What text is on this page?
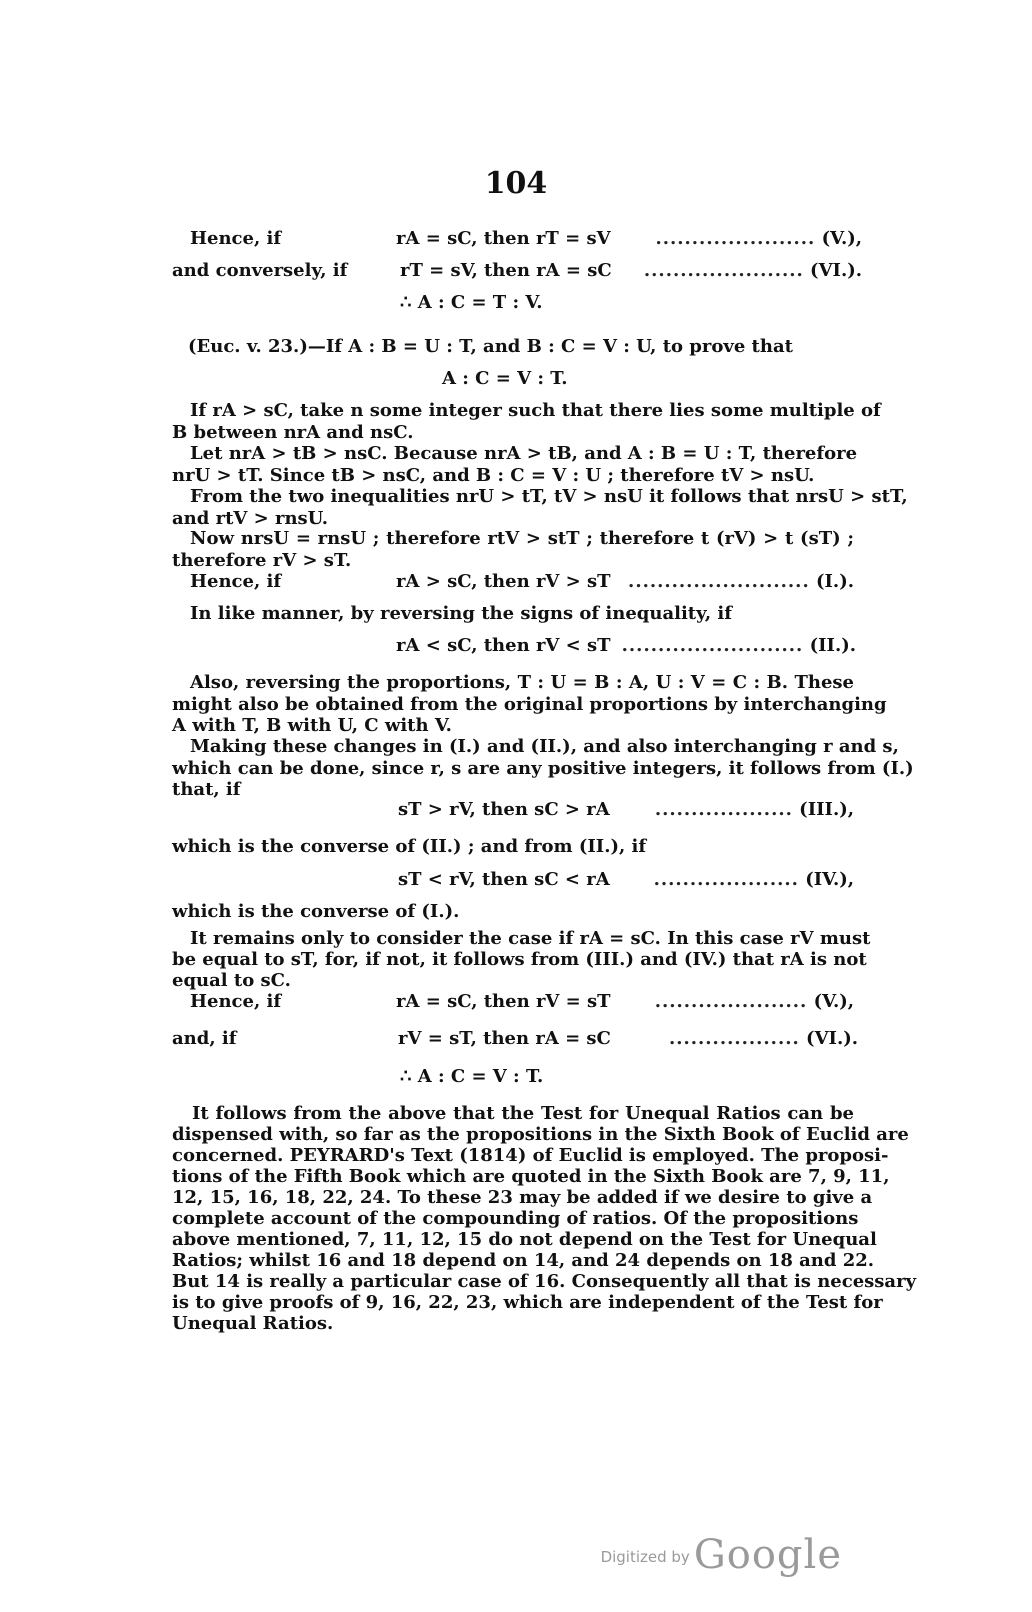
104
Hence, if	rA = sC, then rT = sV ...................... (V.),
and conversely, if	rT = sV, then rA = sC ...................... (VI.).
∴ A : C = T : V.
(Euc. v. 23.)—If A : B = U : T, and B : C = V : U, to prove that
A : C = V : T.
If rA > sC, take n some integer such that there lies some multiple of
B between nrA and nsC.
Let nrA > tB > nsC. Because nrA > tB, and A : B = U : T, therefore
nrU > tT. Since tB > nsC, and B : C = V : U ; therefore tV > nsU.
From the two inequalities nrU > tT, tV > nsU it follows that nrsU > stT,
and rtV > rnsU.
Now nrsU = rnsU ; therefore rtV > stT ; therefore t (rV) > t (sT) ;
therefore rV > sT.
Hence, if	rA > sC, then rV > sT ......................... (I.).
In like manner, by reversing the signs of inequality, if
rA < sC, then rV < sT ......................... (II.).
Also, reversing the proportions, T : U = B : A, U : V = C : B. These
might also be obtained from the original proportions by interchanging
A with T, B with U, C with V.
Making these changes in (I.) and (II.), and also interchanging r and s,
which can be done, since r, s are any positive integers, it follows from (I.)
that, if
sT > rV, then sC > rA	................... (III.),
which is the converse of (II.) ; and from (II.), if
sT < rV, then sC < rA .................... (IV.),
which is the converse of (I.).
It remains only to consider the case if rA = sC. In this case rV must
be equal to sT, for, if not, it follows from (III.) and (IV.) that rA is not
equal to sC.
Hence, if	rA = sC, then rV = sT ..................... (V.),
and, if	rV = sT, then rA = sC	.................. (VI.).
∴ A : C = V : T.
It follows from the above that the Test for Unequal Ratios can be
dispensed with, so far as the propositions in the Sixth Book of Euclid are
concerned. PEYRARD's Text (1814) of Euclid is employed. The proposi-
tions of the Fifth Book which are quoted in the Sixth Book are 7, 9, 11,
12, 15, 16, 18, 22, 24. To these 23 may be added if we desire to give a
complete account of the compounding of ratios. Of the propositions
above mentioned, 7, 11, 12, 15 do not depend on the Test for Unequal
Ratios; whilst 16 and 18 depend on 14, and 24 depends on 18 and 22.
But 14 is really a particular case of 16. Consequently all that is necessary
is to give proofs of 9, 16, 22, 23, which are independent of the Test for
Unequal Ratios.
Digitized by Google
